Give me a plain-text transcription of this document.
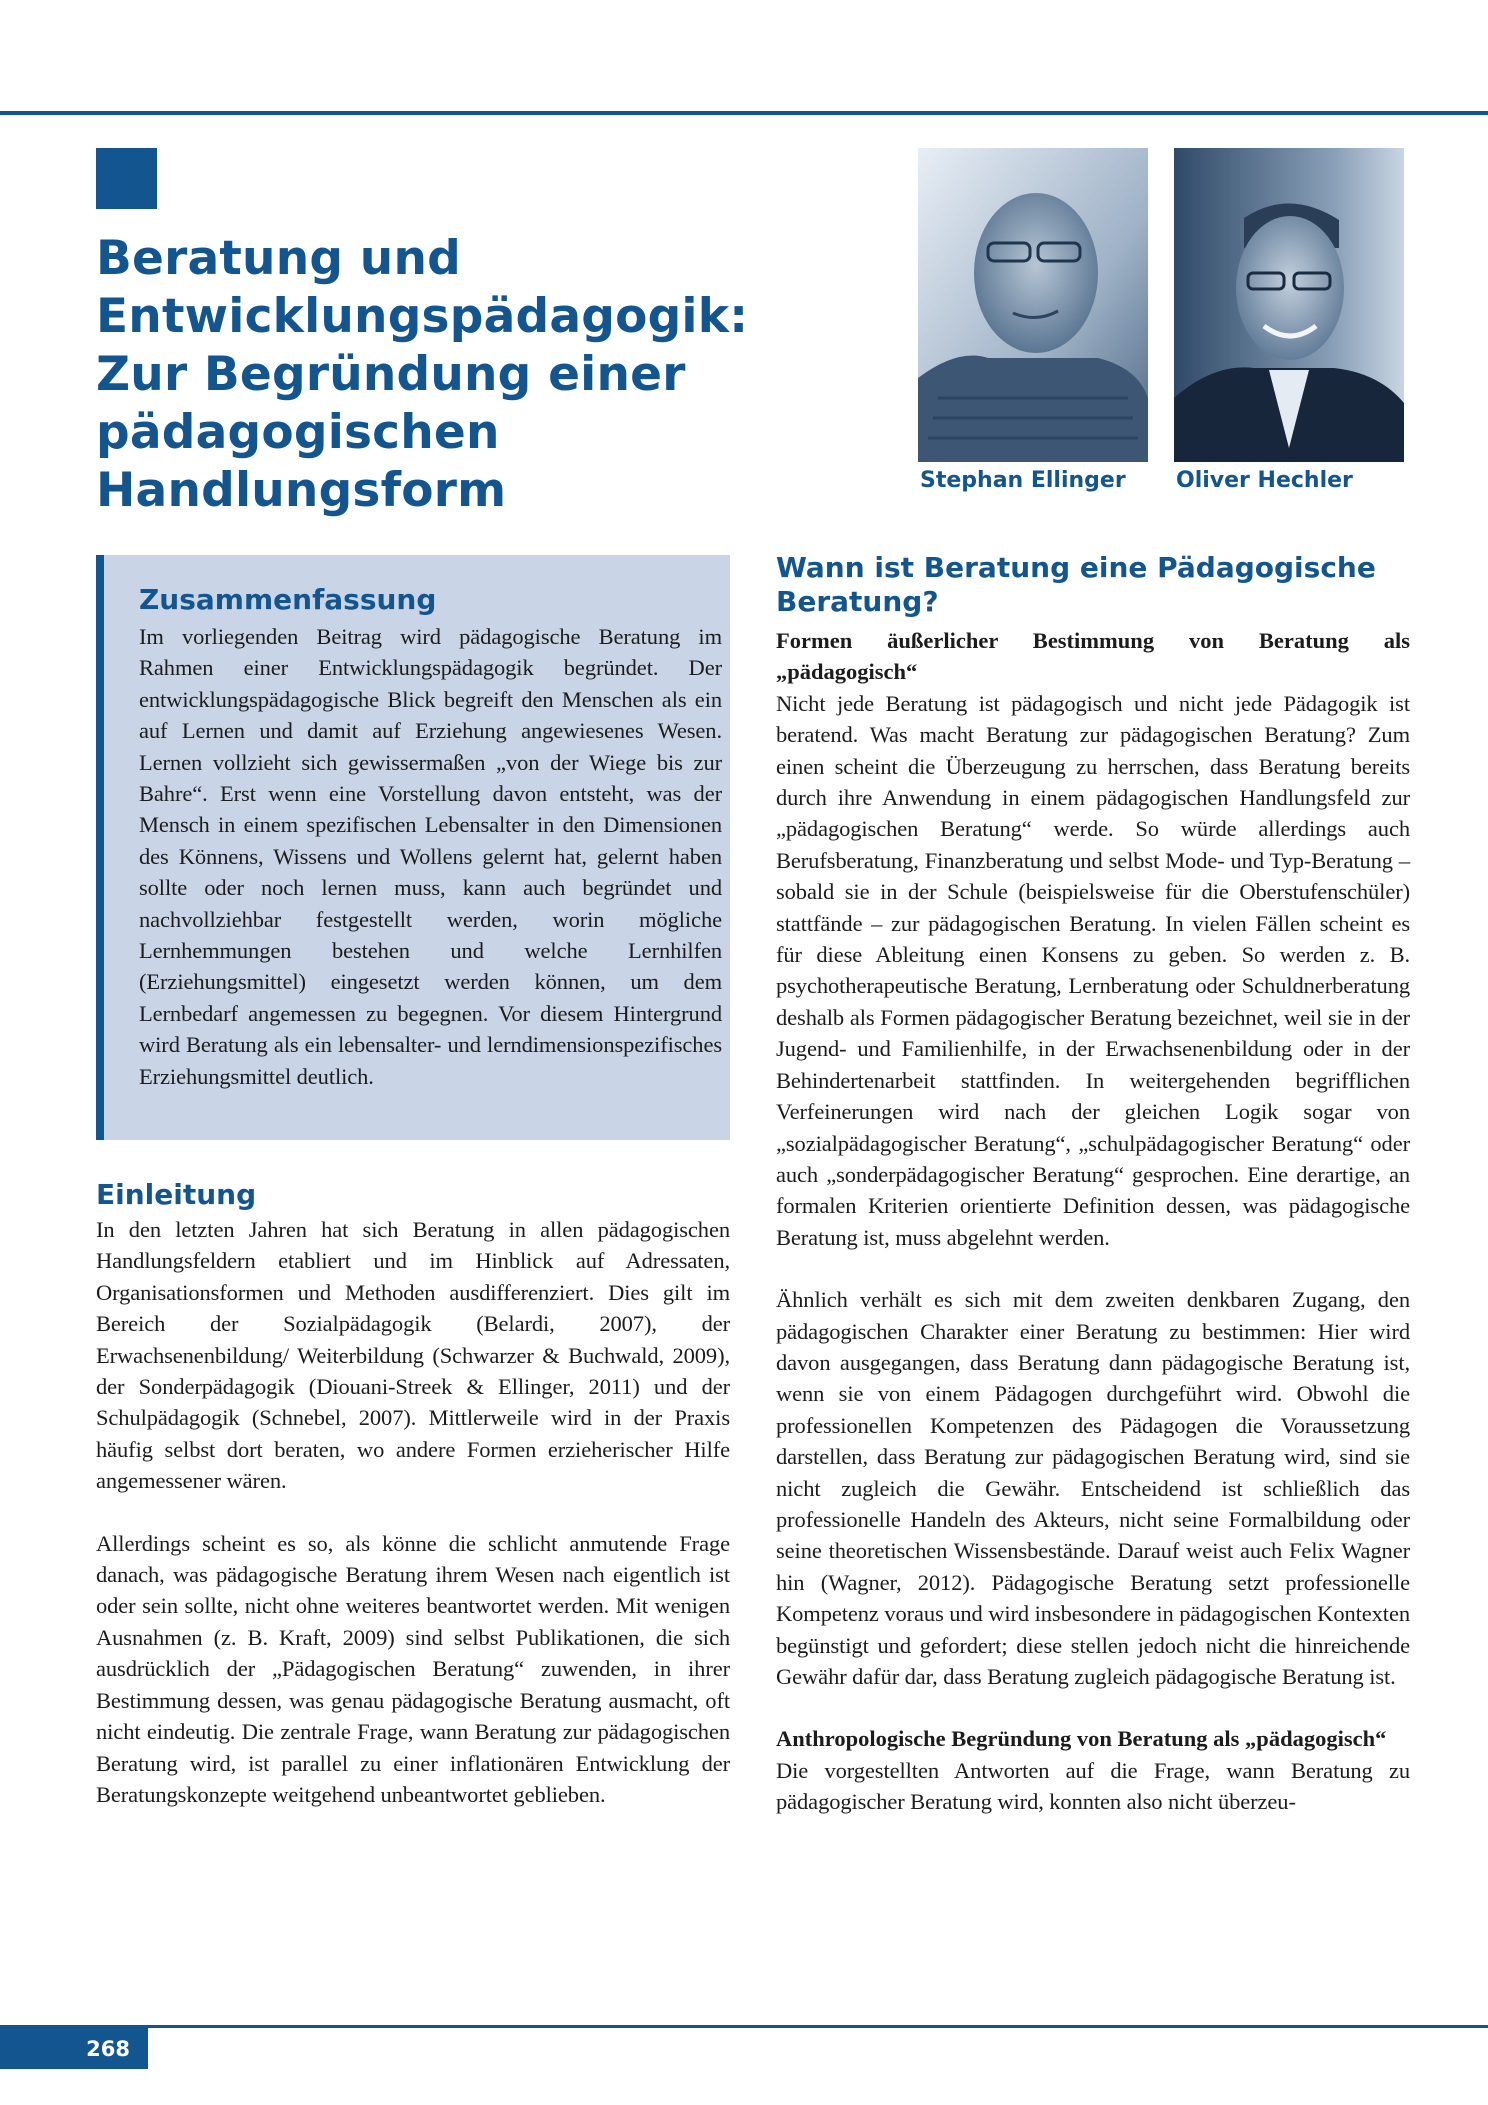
Beratung und
Entwicklungspädagogik:
Zur Begründung einer
pädagogischen Handlungsform	Stephan Ellinger Oliver Hechler

Zusammenfassung

Im vorliegenden Beitrag wird pädagogische Beratung im Rahmen einer Entwicklungspädagogik begründet. Der entwicklungspädagogische Blick begreift den Menschen als ein auf Lernen und damit auf Erziehung angewiesenes Wesen. Lernen vollzieht sich gewissermaßen „von der Wiege bis zur Bahre“. Erst wenn eine Vorstellung davon entsteht, was der Mensch in einem spezifischen Lebensalter in den Dimensionen des Könnens, Wissens und Wollens gelernt hat, gelernt haben sollte oder noch lernen muss, kann auch begründet und nachvollziehbar festgestellt werden, worin mögliche Lernhemmungen bestehen und welche Lernhilfen (Erziehungsmittel) eingesetzt werden können, um dem Lernbedarf angemessen zu begegnen. Vor diesem Hintergrund wird Beratung als ein lebensalter- und lerndimensionspezifisches Erziehungsmittel deutlich.

Einleitung

In den letzten Jahren hat sich Beratung in allen pädagogischen Handlungsfeldern etabliert und im Hinblick auf Adressaten, Organisationsformen und Methoden ausdifferenziert. Dies gilt im Bereich der Sozialpädagogik (Belardi, 2007), der Erwachsenenbildung/ Weiterbildung (Schwarzer & Buchwald, 2009), der Sonderpädagogik (Diouani-Streek & Ellinger, 2011) und der Schulpädagogik (Schnebel, 2007). Mittlerweile wird in der Praxis häufig selbst dort beraten, wo andere Formen erzieherischer Hilfe angemessener wären.

Allerdings scheint es so, als könne die schlicht anmutende Frage danach, was pädagogische Beratung ihrem Wesen nach eigentlich ist oder sein sollte, nicht ohne weiteres beantwortet werden. Mit wenigen Ausnahmen (z. B. Kraft, 2009) sind selbst Publikationen, die sich ausdrücklich der „Pädagogischen Beratung“ zuwenden, in ihrer Bestimmung dessen, was genau pädagogische Beratung ausmacht, oft nicht eindeutig. Die zentrale Frage, wann Beratung zur pädagogischen Beratung wird, ist parallel zu einer inflationären Entwicklung der Beratungskonzepte weitgehend unbeantwortet geblieben.

Wann ist Beratung eine Pädagogische Beratung?

Formen äußerlicher Bestimmung von Beratung als „pädagogisch“

Nicht jede Beratung ist pädagogisch und nicht jede Pädagogik ist beratend. Was macht Beratung zur pädagogischen Beratung? Zum einen scheint die Überzeugung zu herrschen, dass Beratung bereits durch ihre Anwendung in einem pädagogischen Handlungsfeld zur „pädagogischen Beratung“ werde. So würde allerdings auch Berufsberatung, Finanzberatung und selbst Mode- und Typ-Beratung – sobald sie in der Schule (beispielsweise für die Oberstufenschüler) stattfände – zur pädagogischen Beratung. In vielen Fällen scheint es für diese Ableitung einen Konsens zu geben. So werden z. B. psychotherapeutische Beratung, Lernberatung oder Schuldnerberatung deshalb als Formen pädagogischer Beratung bezeichnet, weil sie in der Jugend- und Familienhilfe, in der Erwachsenenbildung oder in der Behindertenarbeit stattfinden. In weitergehenden begrifflichen Verfeinerungen wird nach der gleichen Logik sogar von „sozialpädagogischer Beratung“, „schulpädagogischer Beratung“ oder auch „sonderpädagogischer Beratung“ gesprochen. Eine derartige, an formalen Kriterien orientierte Definition dessen, was pädagogische Beratung ist, muss abgelehnt werden.

Ähnlich verhält es sich mit dem zweiten denkbaren Zugang, den pädagogischen Charakter einer Beratung zu bestimmen: Hier wird davon ausgegangen, dass Beratung dann pädagogische Beratung ist, wenn sie von einem Pädagogen durchgeführt wird. Obwohl die professionellen Kompetenzen des Pädagogen die Voraussetzung darstellen, dass Beratung zur pädagogischen Beratung wird, sind sie nicht zugleich die Gewähr. Entscheidend ist schließlich das professionelle Handeln des Akteurs, nicht seine Formalbildung oder seine theoretischen Wissensbestände. Darauf weist auch Felix Wagner hin (Wagner, 2012). Pädagogische Beratung setzt professionelle Kompetenz voraus und wird insbesondere in pädagogischen Kontexten begünstigt und gefordert; diese stellen jedoch nicht die hinreichende Gewähr dafür dar, dass Beratung zugleich pädagogische Beratung ist.

Anthropologische Begründung von Beratung als „pädagogisch“

Die vorgestellten Antworten auf die Frage, wann Beratung zu pädagogischer Beratung wird, konnten also nicht überzeu-

268
